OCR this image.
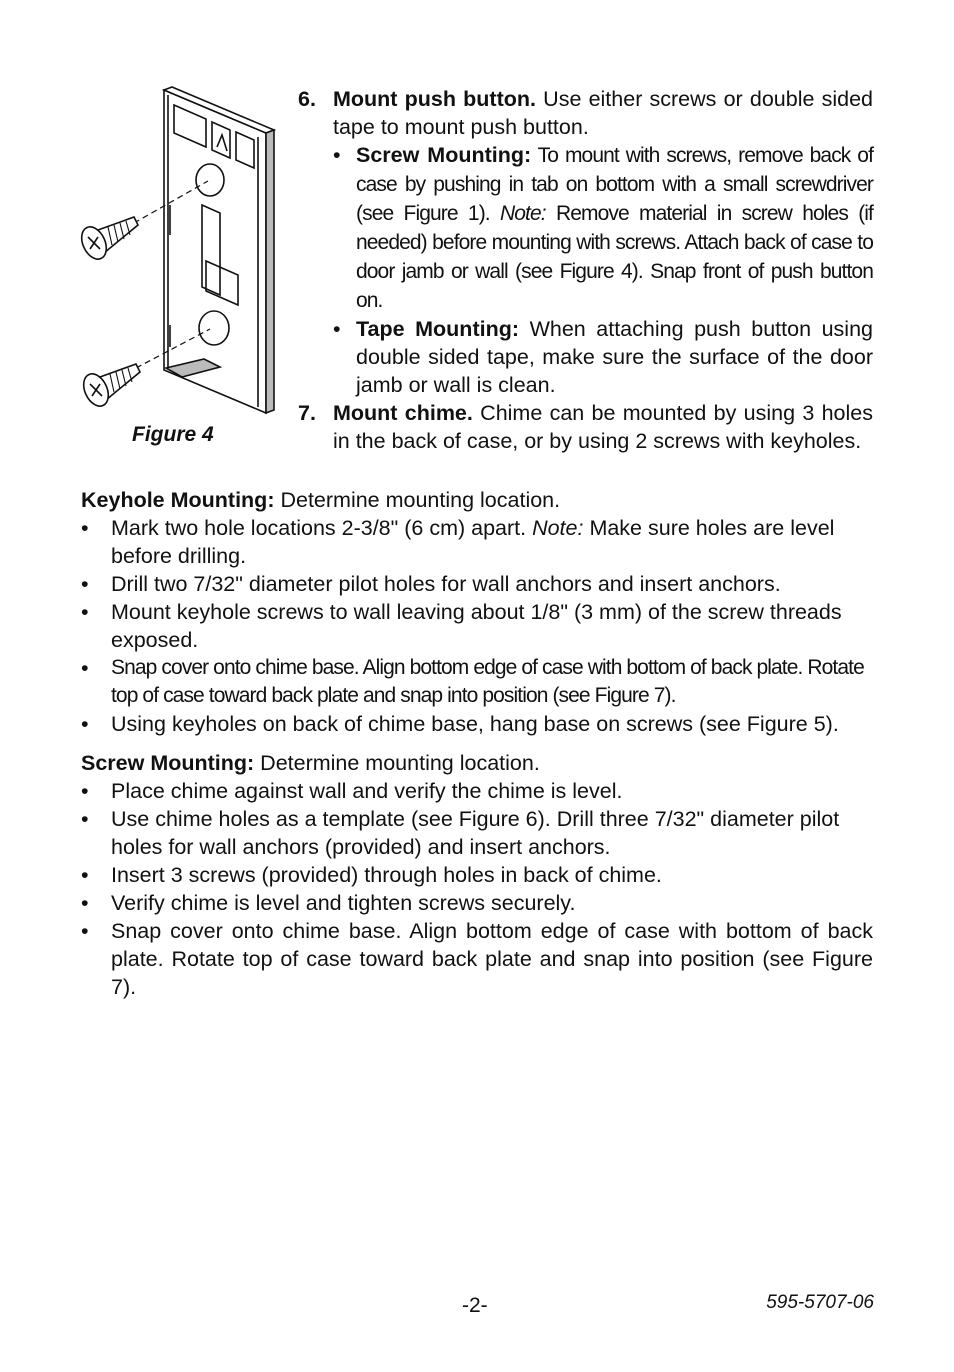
Figure 4
6. Mount push button. Use either screws or double sided tape to mount push button.
• Screw Mounting: To mount with screws, remove back of case by pushing in tab on bottom with a small screwdriver (see Figure 1). Note: Remove material in screw holes (if needed) before mounting with screws. Attach back of case to door jamb or wall (see Figure 4). Snap front of push button on.
• Tape Mounting: When attaching push button using double sided tape, make sure the surface of the door jamb or wall is clean.
7. Mount chime. Chime can be mounted by using 3 holes in the back of case, or by using 2 screws with keyholes.

Keyhole Mounting: Determine mounting location.

•	Mark two hole locations 2-3/8" (6 cm) apart. Note: Make sure holes are level before drilling.
•	Drill two 7/32" diameter pilot holes for wall anchors and insert anchors.
•	Mount keyhole screws to wall leaving about 1/8" (3 mm) of the screw threads exposed.
•	Snap cover onto chime base. Align bottom edge of case with bottom of back plate. Rotate top of case toward back plate and snap into position (see Figure 7).
•	Using keyholes on back of chime base, hang base on screws (see Figure 5).

Screw Mounting: Determine mounting location.

•	Place chime against wall and verify the chime is level.
•	Use chime holes as a template (see Figure 6). Drill three 7/32" diameter pilot holes for wall anchors (provided) and insert anchors.
•	Insert 3 screws (provided) through holes in back of chime.
•	Verify chime is level and tighten screws securely.
•	Snap cover onto chime base. Align bottom edge of case with bottom of back plate. Rotate top of case toward back plate and snap into position (see Figure 7).
-2-	595-5707-06
